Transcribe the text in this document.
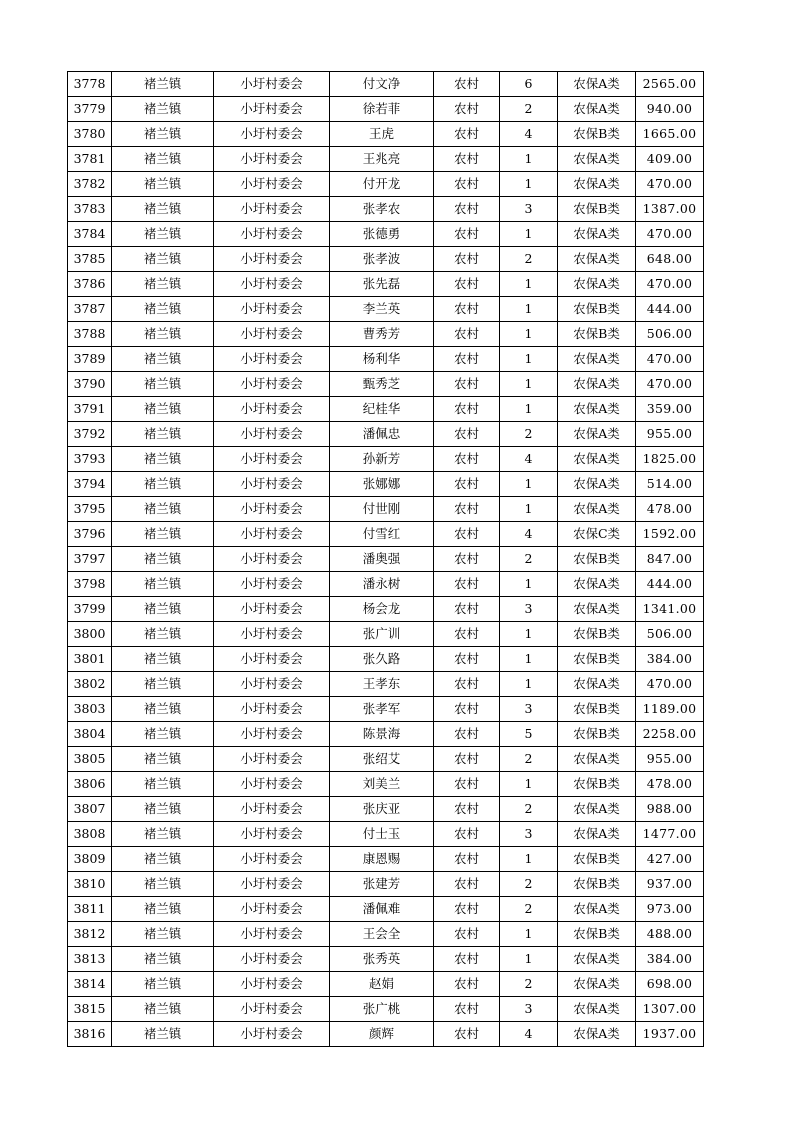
3778	褚兰镇	小圩村委会	付文净	农村	6	农保A类	2565.00
3779	褚兰镇	小圩村委会	徐若菲	农村	2	农保A类	940.00
3780	褚兰镇	小圩村委会	王虎	农村	4	农保B类	1665.00
3781	褚兰镇	小圩村委会	王兆亮	农村	1	农保A类	409.00
3782	褚兰镇	小圩村委会	付开龙	农村	1	农保A类	470.00
3783	褚兰镇	小圩村委会	张孝农	农村	3	农保B类	1387.00
3784	褚兰镇	小圩村委会	张德勇	农村	1	农保A类	470.00
3785	褚兰镇	小圩村委会	张孝波	农村	2	农保A类	648.00
3786	褚兰镇	小圩村委会	张先磊	农村	1	农保A类	470.00
3787	褚兰镇	小圩村委会	李兰英	农村	1	农保B类	444.00
3788	褚兰镇	小圩村委会	曹秀芳	农村	1	农保B类	506.00
3789	褚兰镇	小圩村委会	杨利华	农村	1	农保A类	470.00
3790	褚兰镇	小圩村委会	甄秀芝	农村	1	农保A类	470.00
3791	褚兰镇	小圩村委会	纪桂华	农村	1	农保A类	359.00
3792	褚兰镇	小圩村委会	潘佩忠	农村	2	农保A类	955.00
3793	褚兰镇	小圩村委会	孙新芳	农村	4	农保A类	1825.00
3794	褚兰镇	小圩村委会	张娜娜	农村	1	农保A类	514.00
3795	褚兰镇	小圩村委会	付世刚	农村	1	农保A类	478.00
3796	褚兰镇	小圩村委会	付雪红	农村	4	农保C类	1592.00
3797	褚兰镇	小圩村委会	潘奥强	农村	2	农保B类	847.00
3798	褚兰镇	小圩村委会	潘永树	农村	1	农保A类	444.00
3799	褚兰镇	小圩村委会	杨会龙	农村	3	农保A类	1341.00
3800	褚兰镇	小圩村委会	张广训	农村	1	农保B类	506.00
3801	褚兰镇	小圩村委会	张久路	农村	1	农保B类	384.00
3802	褚兰镇	小圩村委会	王孝东	农村	1	农保A类	470.00
3803	褚兰镇	小圩村委会	张孝军	农村	3	农保B类	1189.00
3804	褚兰镇	小圩村委会	陈景海	农村	5	农保B类	2258.00
3805	褚兰镇	小圩村委会	张绍艾	农村	2	农保A类	955.00
3806	褚兰镇	小圩村委会	刘美兰	农村	1	农保B类	478.00
3807	褚兰镇	小圩村委会	张庆亚	农村	2	农保A类	988.00
3808	褚兰镇	小圩村委会	付士玉	农村	3	农保A类	1477.00
3809	褚兰镇	小圩村委会	康恩赐	农村	1	农保B类	427.00
3810	褚兰镇	小圩村委会	张建芳	农村	2	农保B类	937.00
3811	褚兰镇	小圩村委会	潘佩难	农村	2	农保A类	973.00
3812	褚兰镇	小圩村委会	王会全	农村	1	农保B类	488.00
3813	褚兰镇	小圩村委会	张秀英	农村	1	农保A类	384.00
3814	褚兰镇	小圩村委会	赵娟	农村	2	农保A类	698.00
3815	褚兰镇	小圩村委会	张广桃	农村	3	农保A类	1307.00
3816	褚兰镇	小圩村委会	颜辉	农村	4	农保A类	1937.00
